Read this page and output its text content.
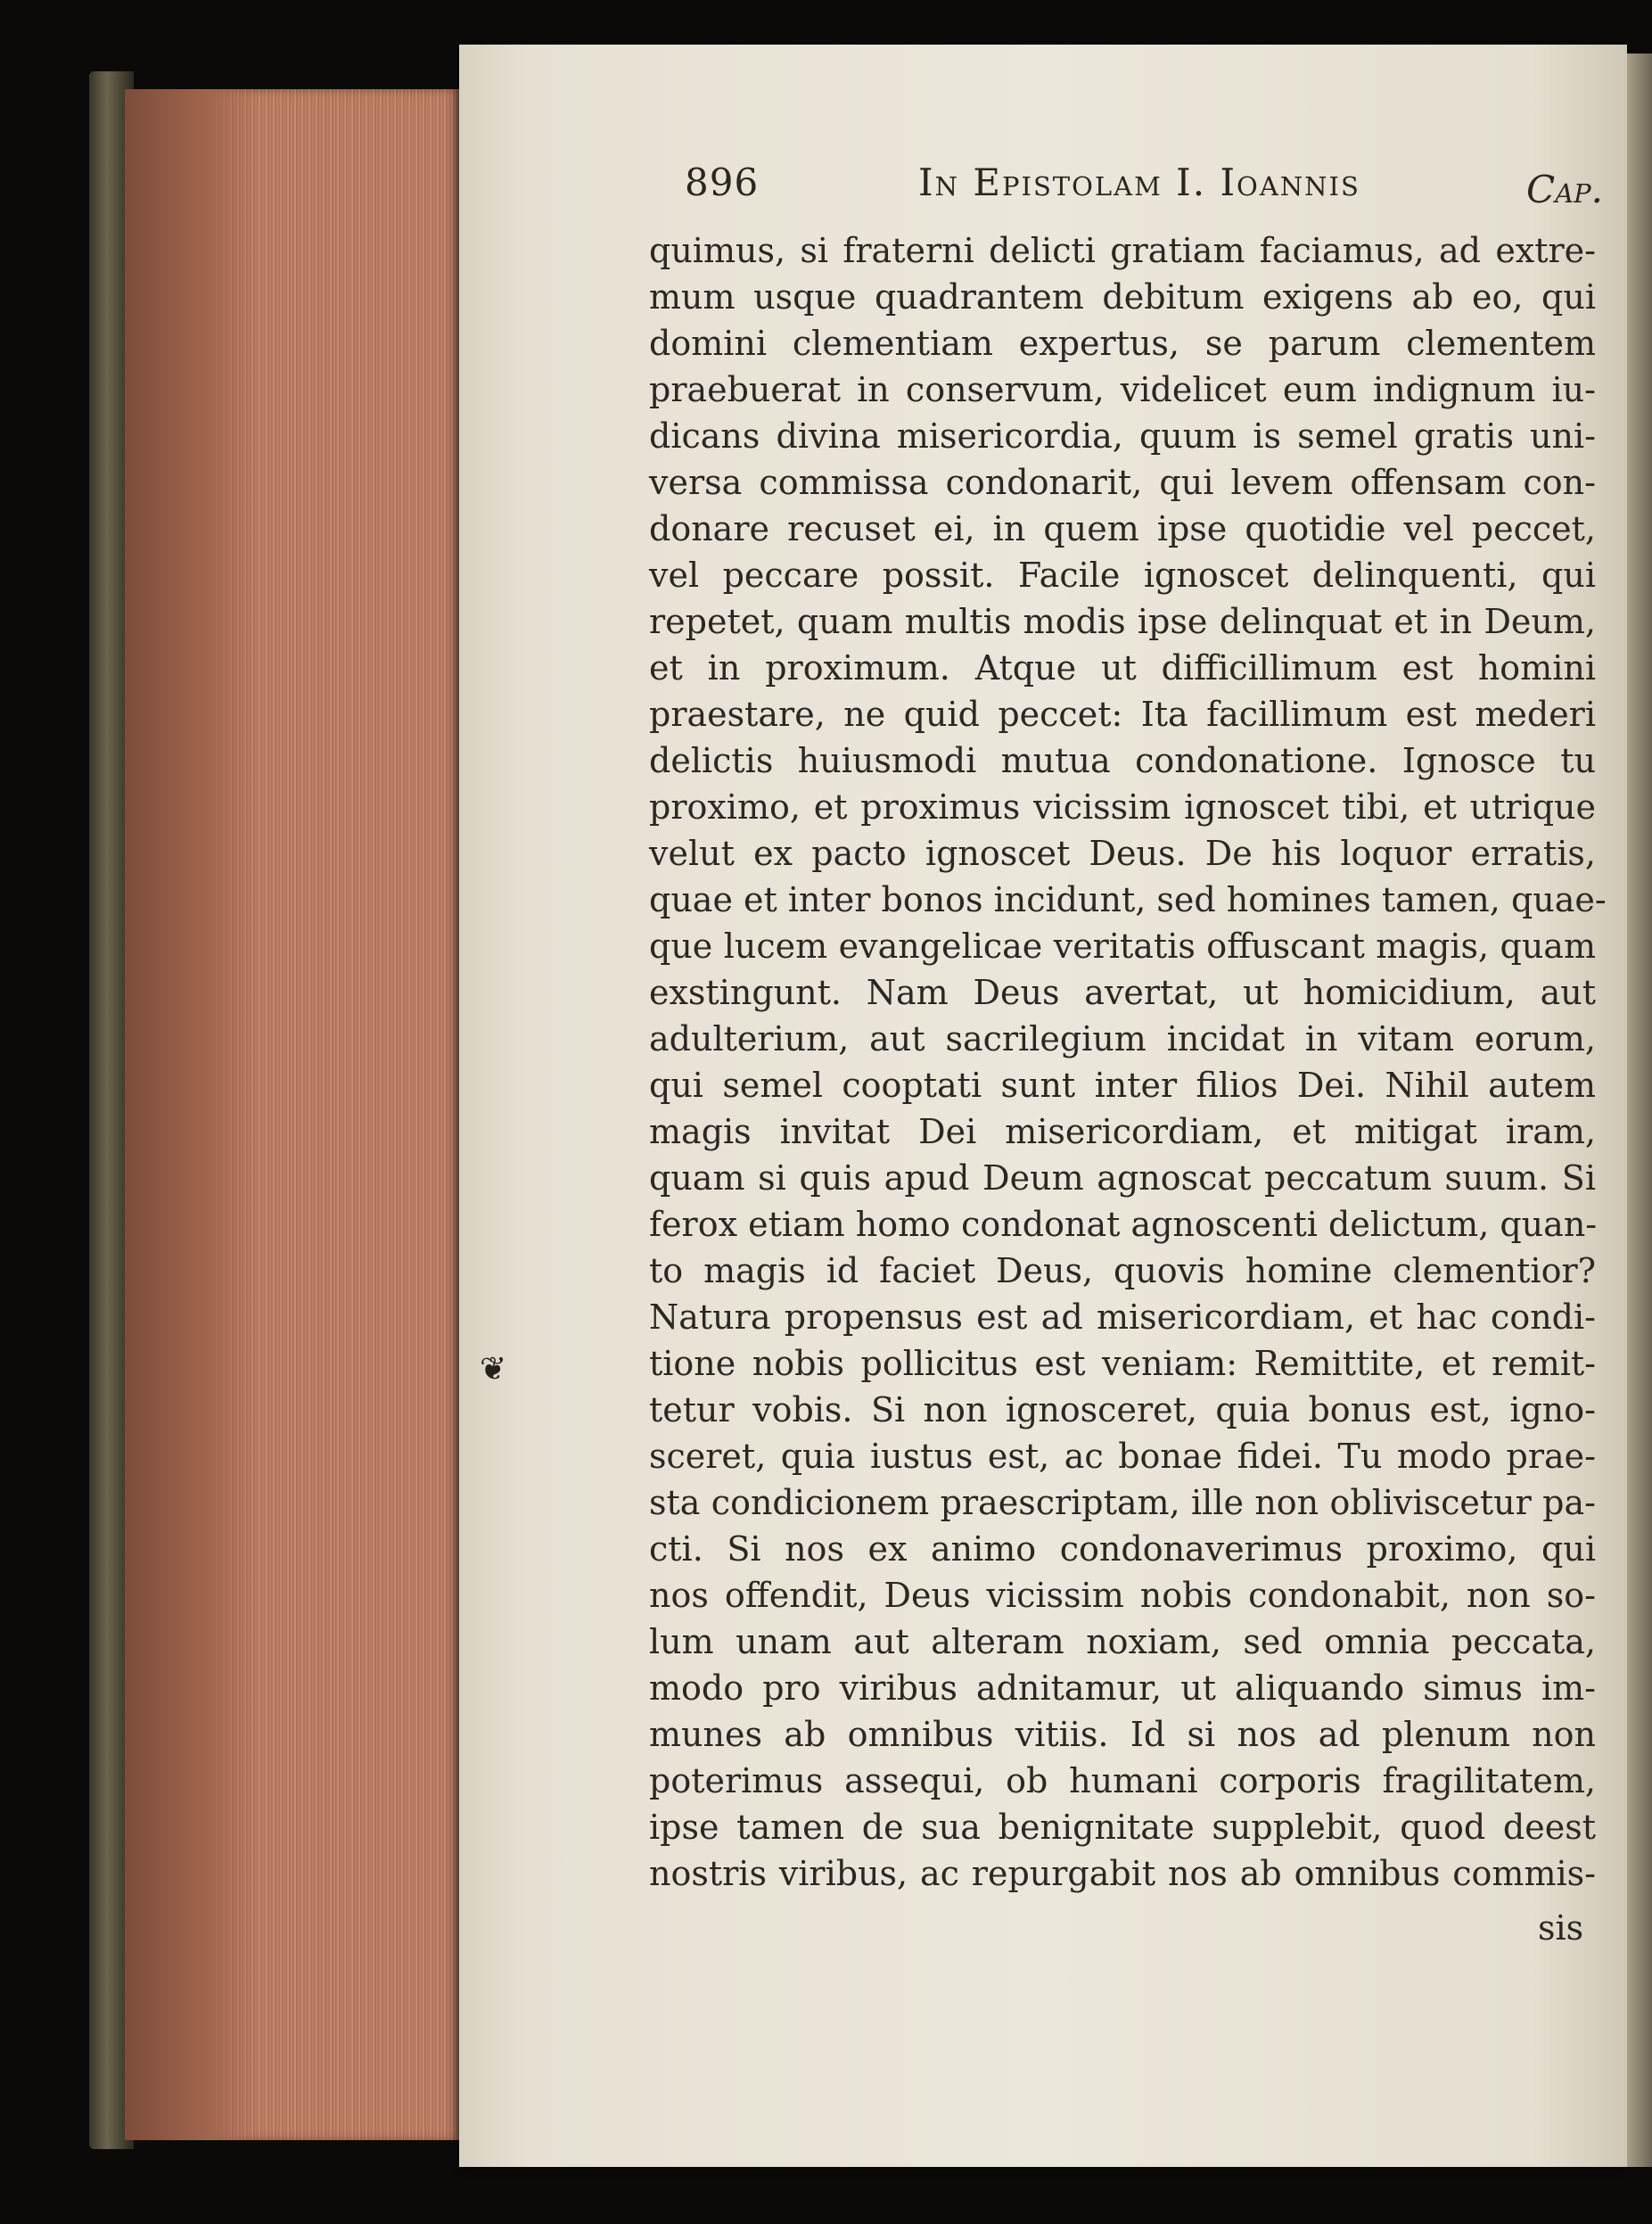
896	In Epistolam I. Ioannis	Cap.
❦
quimus, si fraterni delicti gratiam faciamus, ad extre-
mum usque quadrantem debitum exigens ab eo, qui
domini clementiam expertus, se parum clementem
praebuerat in conservum, videlicet eum indignum iu-
dicans divina misericordia, quum is semel gratis uni-
versa commissa condonarit, qui levem offensam con-
donare recuset ei, in quem ipse quotidie vel peccet,
vel peccare possit. Facile ignoscet delinquenti, qui
repetet, quam multis modis ipse delinquat et in Deum,
et in proximum. Atque ut difficillimum est homini
praestare, ne quid peccet: Ita facillimum est mederi
delictis huiusmodi mutua condonatione. Ignosce tu
proximo, et proximus vicissim ignoscet tibi, et utrique
velut ex pacto ignoscet Deus. De his loquor erratis,
quae et inter bonos incidunt, sed homines tamen, quae-
que lucem evangelicae veritatis offuscant magis, quam
exstingunt. Nam Deus avertat, ut homicidium, aut
adulterium, aut sacrilegium incidat in vitam eorum,
qui semel cooptati sunt inter filios Dei. Nihil autem
magis invitat Dei misericordiam, et mitigat iram,
quam si quis apud Deum agnoscat peccatum suum. Si
ferox etiam homo condonat agnoscenti delictum, quan-
to magis id faciet Deus, quovis homine clementior?
Natura propensus est ad misericordiam, et hac condi-
tione nobis pollicitus est veniam: Remittite, et remit-
tetur vobis. Si non ignosceret, quia bonus est, igno-
sceret, quia iustus est, ac bonae fidei. Tu modo prae-
sta condicionem praescriptam, ille non obliviscetur pa-
cti. Si nos ex animo condonaverimus proximo, qui
nos offendit, Deus vicissim nobis condonabit, non so-
lum unam aut alteram noxiam, sed omnia peccata,
modo pro viribus adnitamur, ut aliquando simus im-
munes ab omnibus vitiis. Id si nos ad plenum non
poterimus assequi, ob humani corporis fragilitatem,
ipse tamen de sua benignitate supplebit, quod deest
nostris viribus, ac repurgabit nos ab omnibus commis-
sis
